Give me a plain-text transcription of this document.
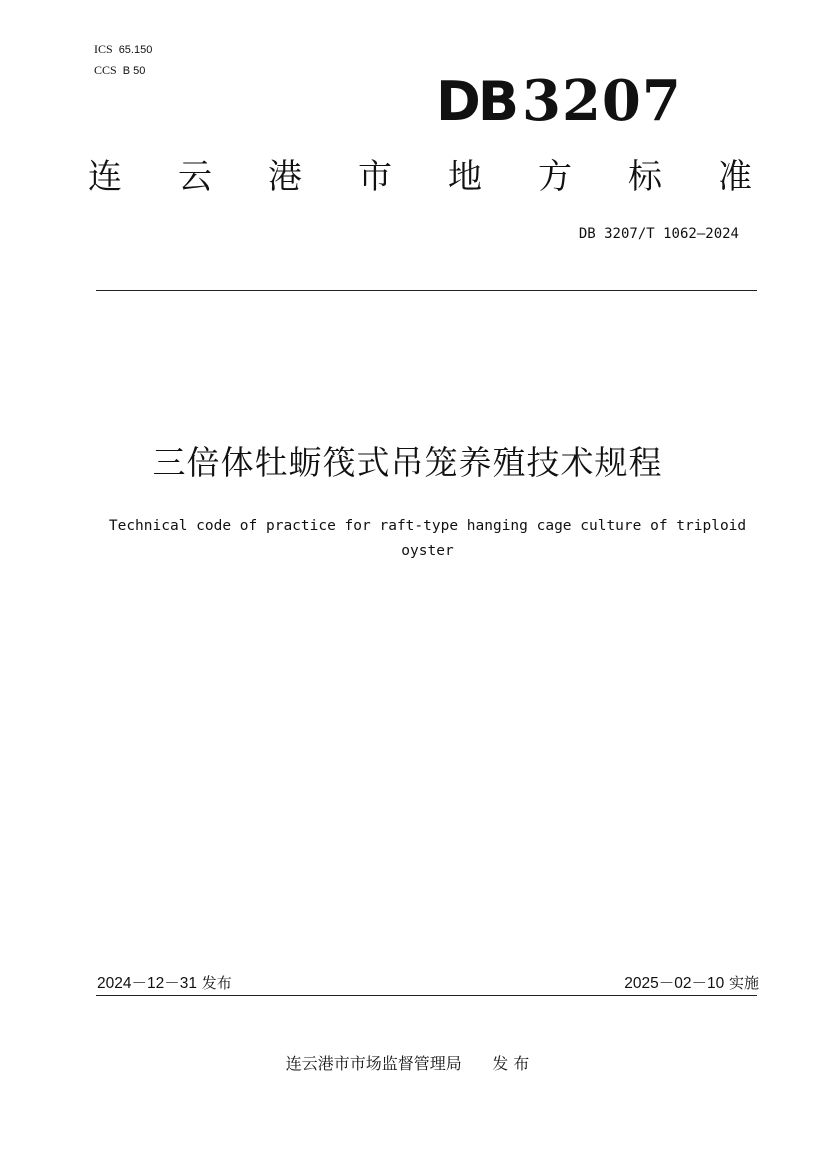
ICS 65.150
CCS B 50	DB 3207
连 云 港 市 地 方 标 准
DB 3207/T 1062—2024
三倍体牡蛎筏式吊笼养殖技术规程
Technical code of practice for raft-type hanging cage culture of triploid oyster
2024－12－31 发布	2025－02－10 实施
连云港市市场监督管理局 发 布
